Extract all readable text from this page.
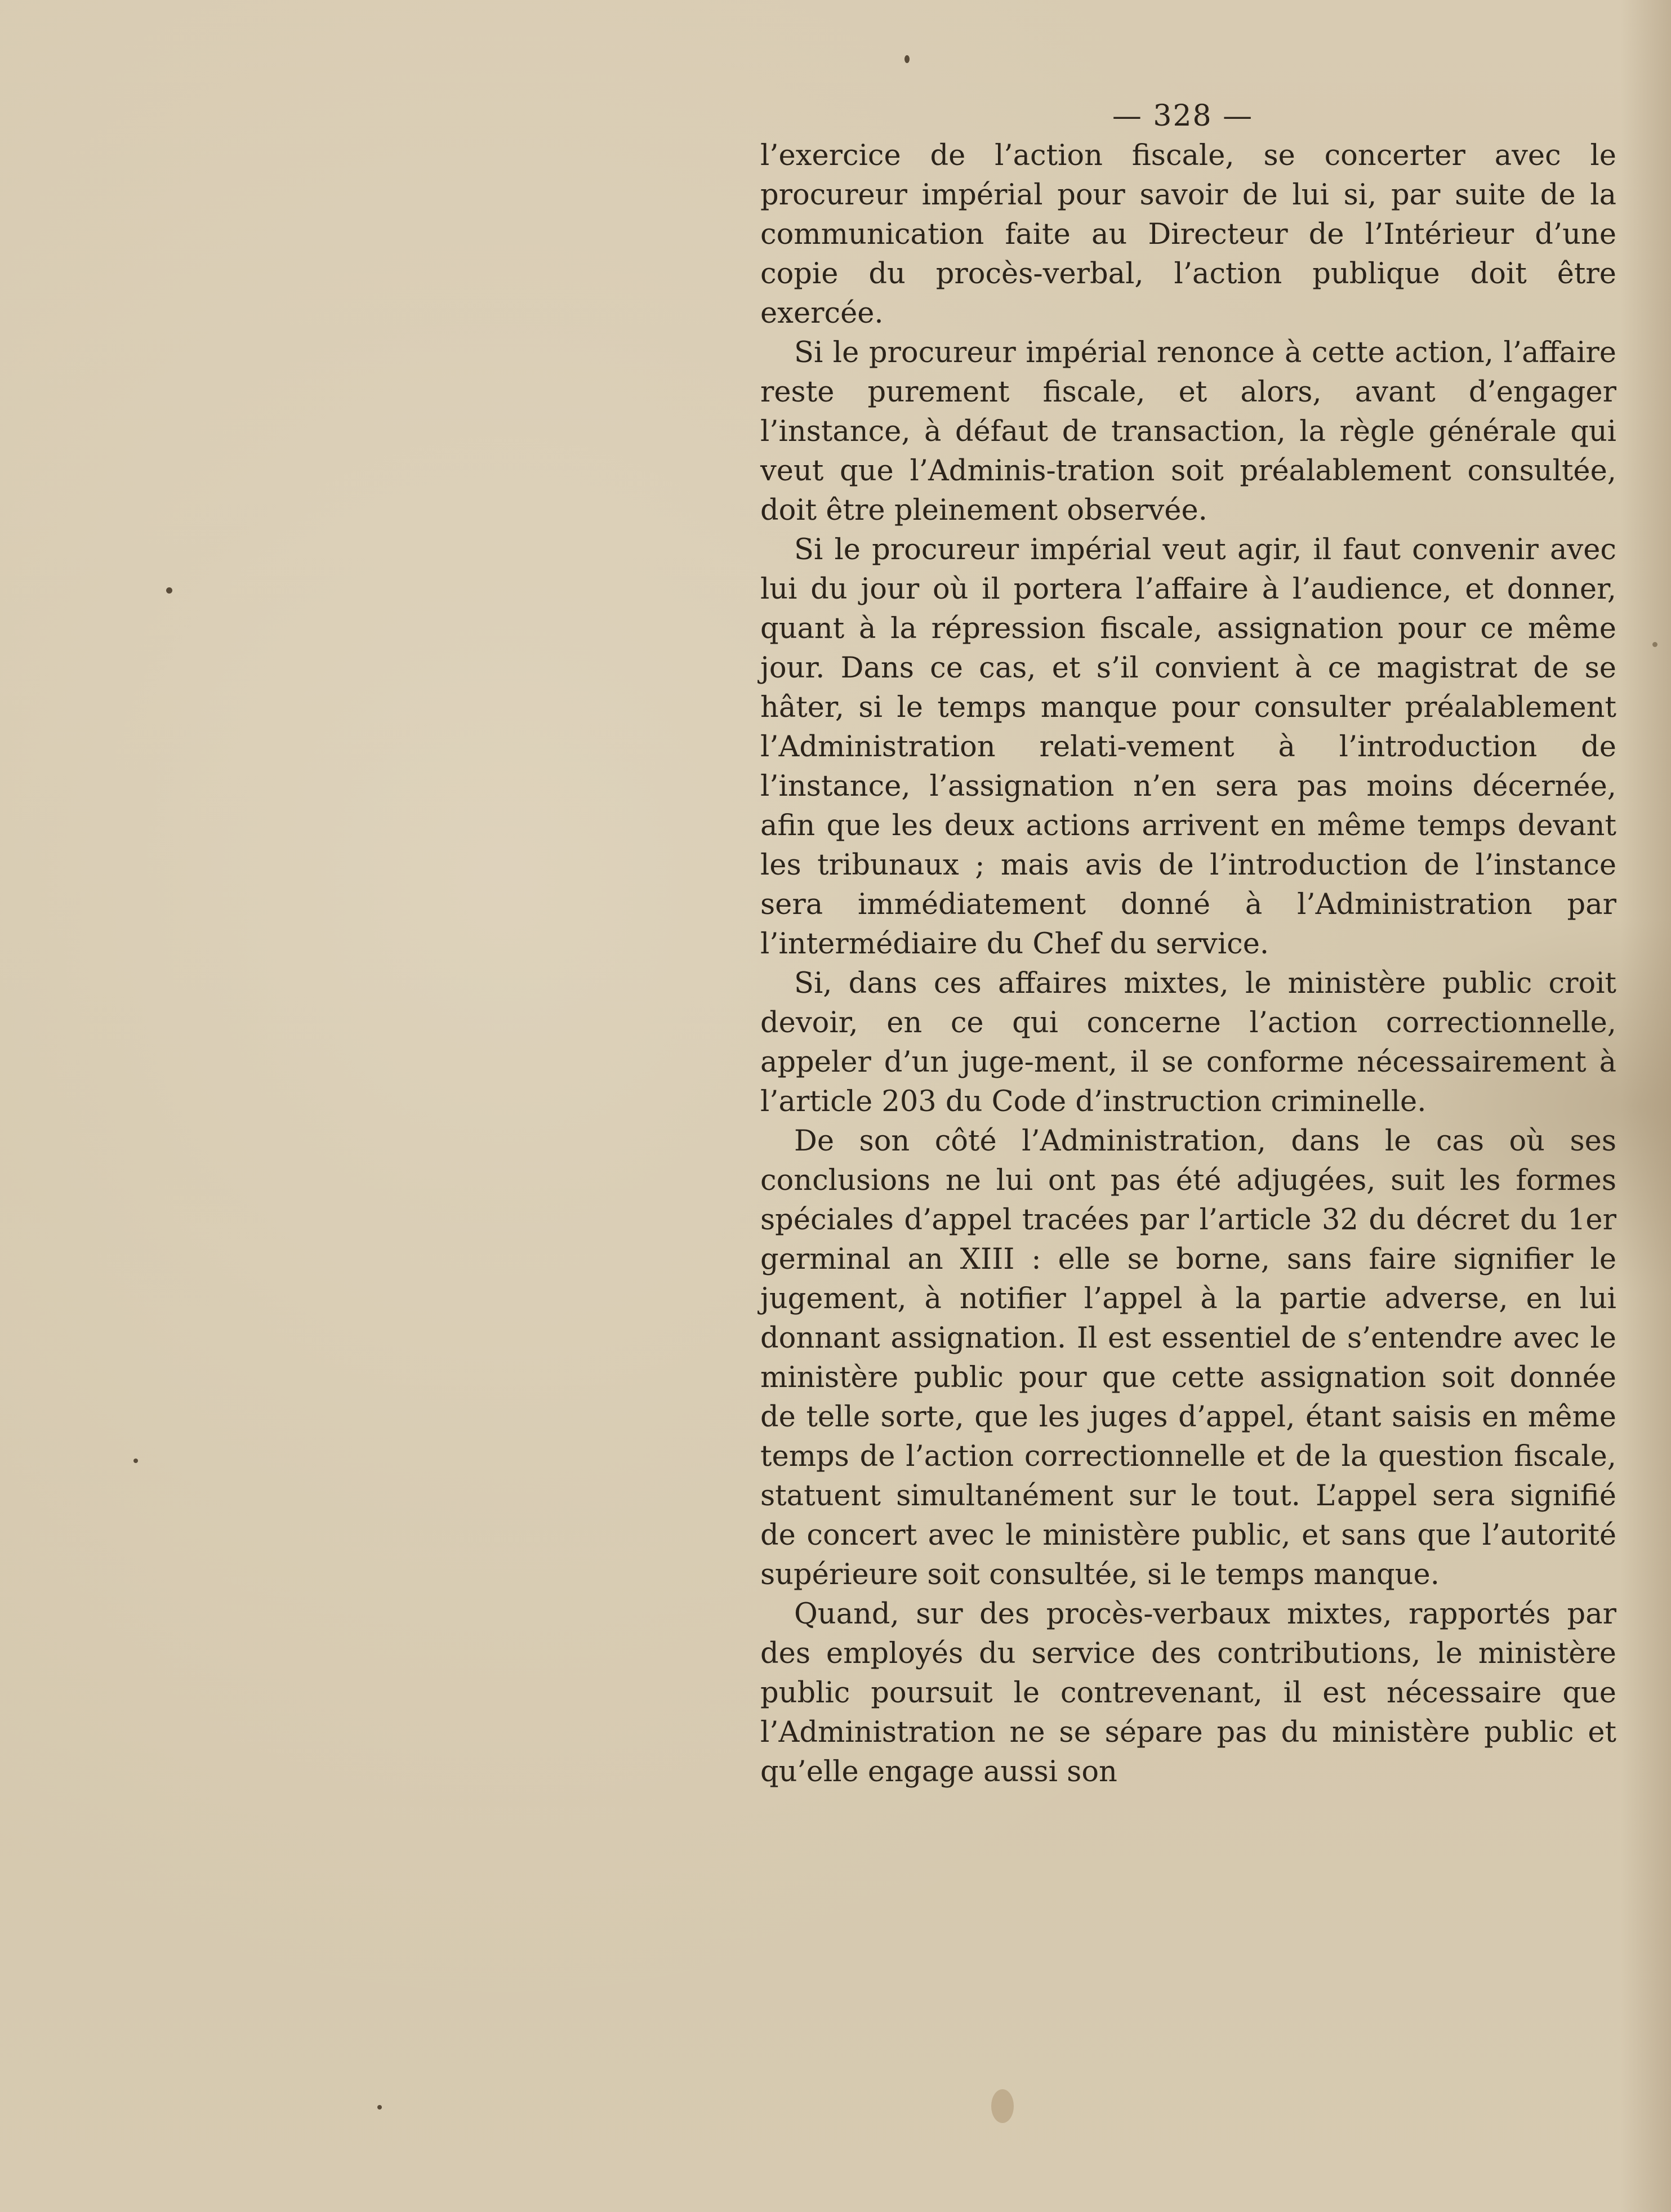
— 328 —

l’exercice de l’action fiscale, se concerter avec le procureur impérial pour savoir de lui si, par suite de la communication faite au Directeur de l’Intérieur d’une copie du procès-verbal, l’action publique doit être exercée.

Si le procureur impérial renonce à cette action, l’affaire reste purement fiscale, et alors, avant d’engager l’instance, à défaut de transaction, la règle générale qui veut que l’Adminis-tration soit préalablement consultée, doit être pleinement observée.

Si le procureur impérial veut agir, il faut convenir avec lui du jour où il portera l’affaire à l’audience, et donner, quant à la répression fiscale, assignation pour ce même jour. Dans ce cas, et s’il convient à ce magistrat de se hâter, si le temps manque pour consulter préalablement l’Administration relati-vement à l’introduction de l’instance, l’assignation n’en sera pas moins décernée, afin que les deux actions arrivent en même temps devant les tribunaux ; mais avis de l’introduction de l’instance sera immédiatement donné à l’Administration par l’intermédiaire du Chef du service.

Si, dans ces affaires mixtes, le ministère public croit devoir, en ce qui concerne l’action correctionnelle, appeler d’un juge-ment, il se conforme nécessairement à l’article 203 du Code d’instruction criminelle.

De son côté l’Administration, dans le cas où ses conclusions ne lui ont pas été adjugées, suit les formes spéciales d’appel tracées par l’article 32 du décret du 1er germinal an XIII : elle se borne, sans faire signifier le jugement, à notifier l’appel à la partie adverse, en lui donnant assignation. Il est essentiel de s’entendre avec le ministère public pour que cette assignation soit donnée de telle sorte, que les juges d’appel, étant saisis en même temps de l’action correctionnelle et de la question fiscale, statuent simultanément sur le tout. L’appel sera signifié de concert avec le ministère public, et sans que l’autorité supérieure soit consultée, si le temps manque.

Quand, sur des procès-verbaux mixtes, rapportés par des employés du service des contributions, le ministère public poursuit le contrevenant, il est nécessaire que l’Administration ne se sépare pas du ministère public et qu’elle engage aussi son
